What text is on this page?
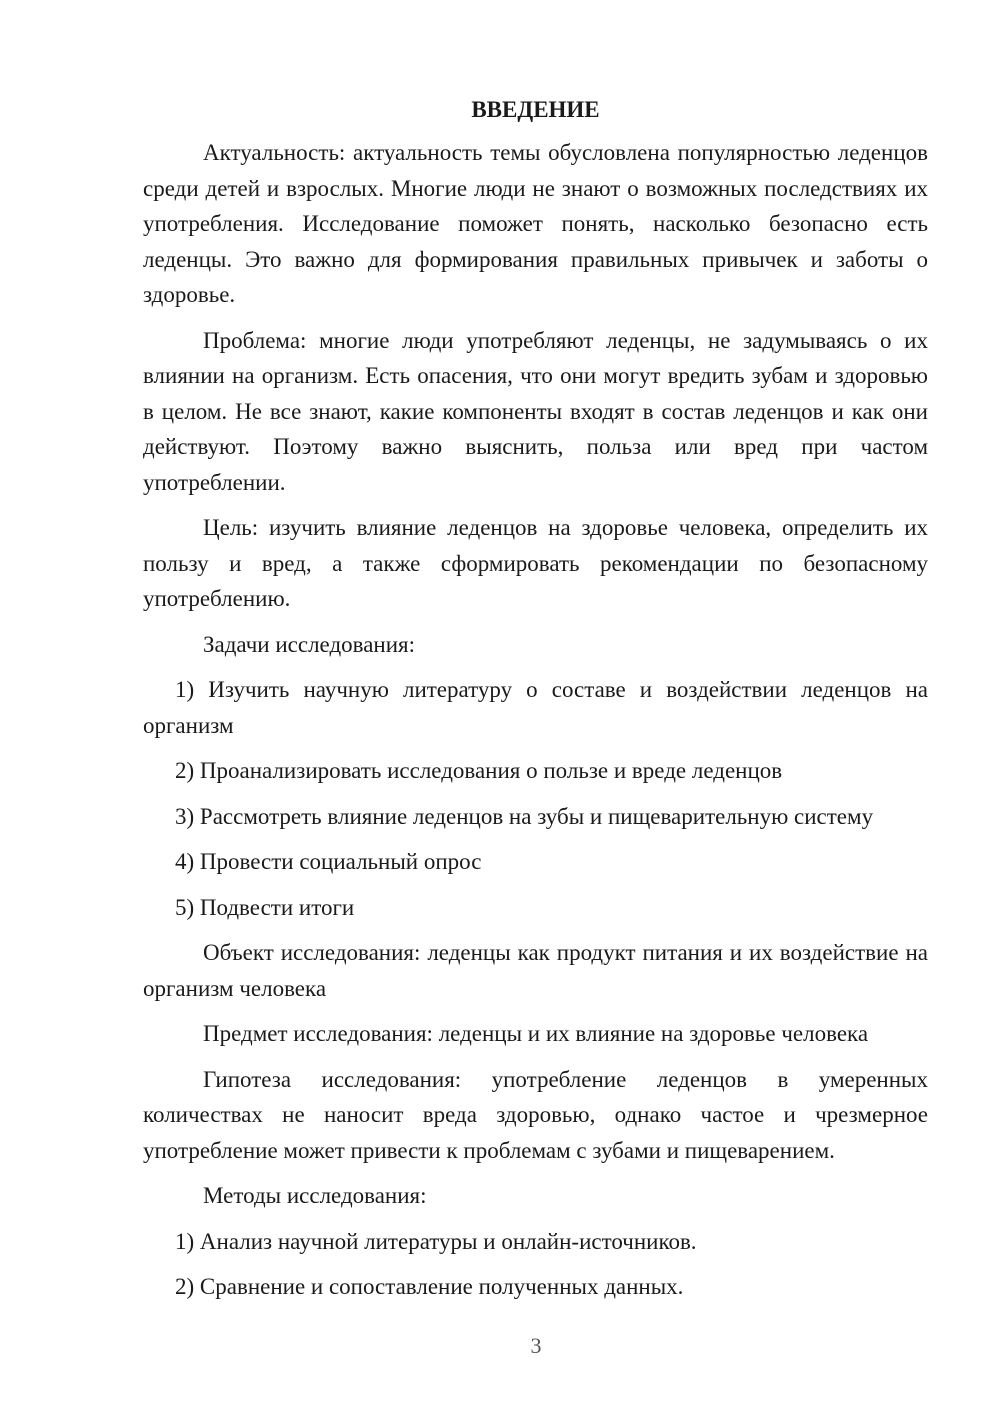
ВВЕДЕНИЕ

Актуальность: актуальность темы обусловлена популярностью леденцов среди детей и взрослых. Многие люди не знают о возможных последствиях их употребления. Исследование поможет понять, насколько безопасно есть леденцы. Это важно для формирования правильных привычек и заботы о здоровье.

Проблема: многие люди употребляют леденцы, не задумываясь о их влиянии на организм. Есть опасения, что они могут вредить зубам и здоровью в целом. Не все знают, какие компоненты входят в состав леденцов и как они действуют. Поэтому важно выяснить, польза или вред при частом употреблении.

Цель: изучить влияние леденцов на здоровье человека, определить их пользу и вред, а также сформировать рекомендации по безопасному употреблению.

Задачи исследования:

1) Изучить научную литературу о составе и воздействии леденцов на организм

2) Проанализировать исследования о пользе и вреде леденцов

3) Рассмотреть влияние леденцов на зубы и пищеварительную систему

4) Провести социальный опрос

5) Подвести итоги

Объект исследования: леденцы как продукт питания и их воздействие на организм человека

Предмет исследования: леденцы и их влияние на здоровье человека

Гипотеза исследования: употребление леденцов в умеренных количествах не наносит вреда здоровью, однако частое и чрезмерное употребление может привести к проблемам с зубами и пищеварением.

Методы исследования:

1) Анализ научной литературы и онлайн-источников.

2) Сравнение и сопоставление полученных данных.

3
